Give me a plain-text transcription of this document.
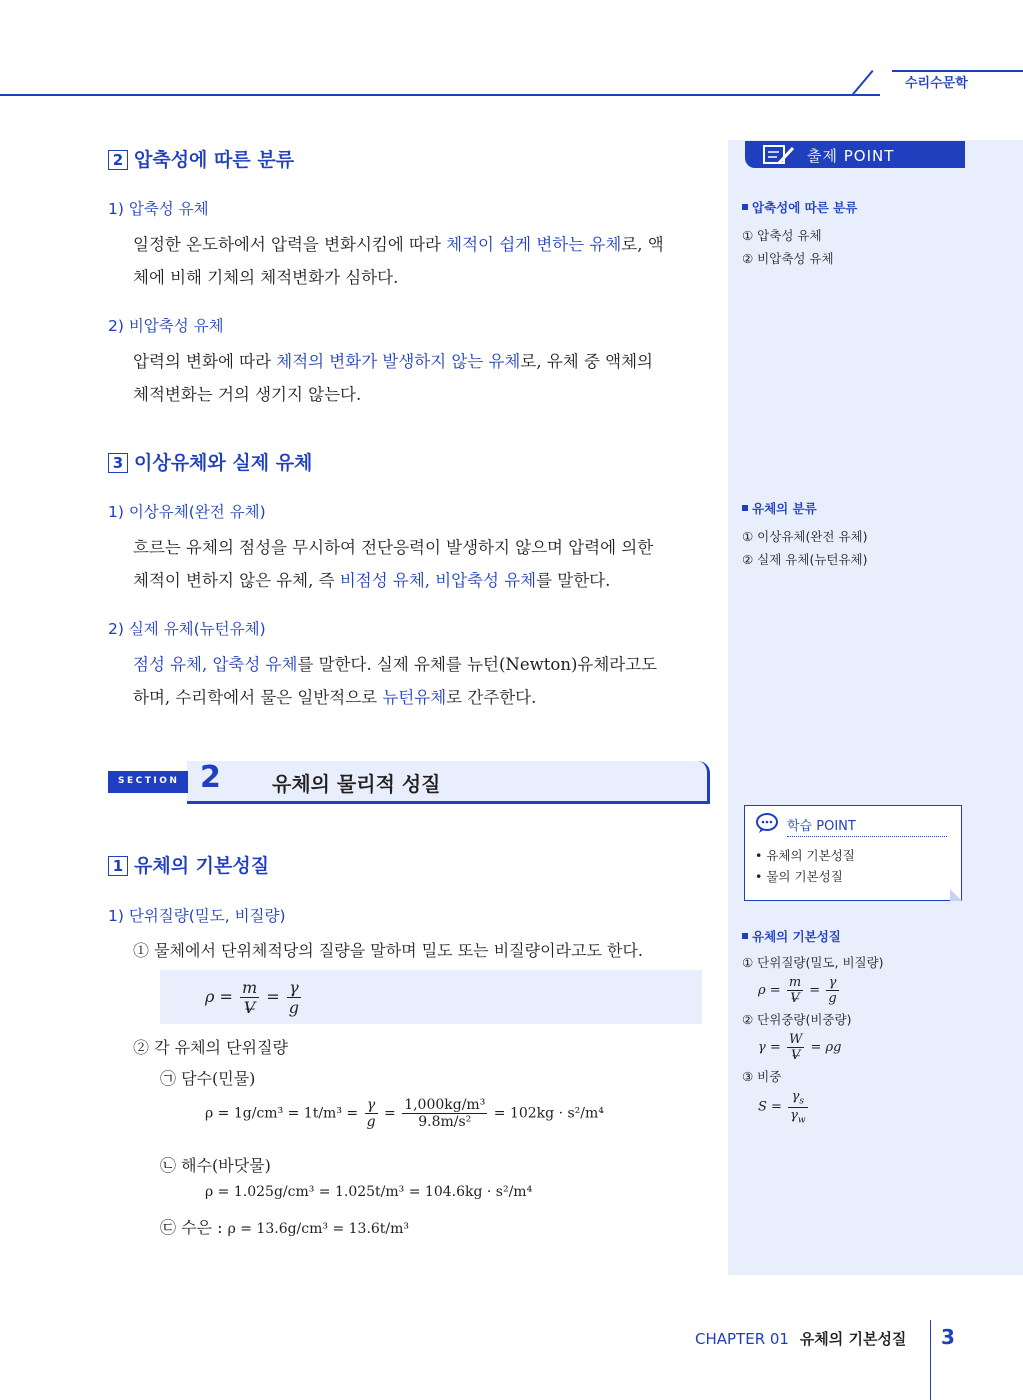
수리수문학
출제 POINT
압축성에 따른 분류
① 압축성 유체
② 비압축성 유체
유체의 분류
① 이상유체(완전 유체)
② 실제 유체(뉴턴유체)
학습 POINT
• 유체의 기본성질
• 물의 기본성질
유체의 기본성질
① 단위질량(밀도, 비질량)
$\rho = \frac{m}{V̶} = \frac{\gamma}{g}$
② 단위중량(비중량)
$\gamma = \frac{W}{V̶} = \rho g$
③ 비중
$S = \frac{\gamma_s}{\gamma_w}$
2 압축성에 따른 분류
1) 압축성 유체
일정한 온도하에서 압력을 변화시킴에 따라 체적이 쉽게 변하는 유체로, 액
체에 비해 기체의 체적변화가 심하다.
2) 비압축성 유체
압력의 변화에 따라 체적의 변화가 발생하지 않는 유체로, 유체 중 액체의
체적변화는 거의 생기지 않는다.
3 이상유체와 실제 유체
1) 이상유체(완전 유체)
흐르는 유체의 점성을 무시하여 전단응력이 발생하지 않으며 압력에 의한
체적이 변하지 않은 유체, 즉 비점성 유체, 비압축성 유체를 말한다.
2) 실제 유체(뉴턴유체)
점성 유체, 압축성 유체를 말한다. 실제 유체를 뉴턴(Newton)유체라고도
하며, 수리학에서 물은 일반적으로 뉴턴유체로 간주한다.
SECTION 2	유체의 물리적 성질
1 유체의 기본성질
1) 단위질량(밀도, 비질량)
① 물체에서 단위체적당의 질량을 말하며 밀도 또는 비질량이라고도 한다.
$\rho = \frac{m}{V̶} = \frac{\gamma}{g}$
② 각 유체의 단위질량
㉠ 담수(민물)
$\rho = 1g/cm^3 = 1t/m^3 = \frac{\gamma}{g} = \frac{\text{1,000kg/m³}}{\text{9.8m/s²}} = 102kg \cdot s^2/m^4$
㉡ 해수(바닷물)
ρ = 1.025g/cm³ = 1.025t/m³ = 104.6kg · s²/m⁴
㉢ 수은 : ρ = 13.6g/cm³ = 13.6t/m³
CHAPTER 01 유체의 기본성질 3
